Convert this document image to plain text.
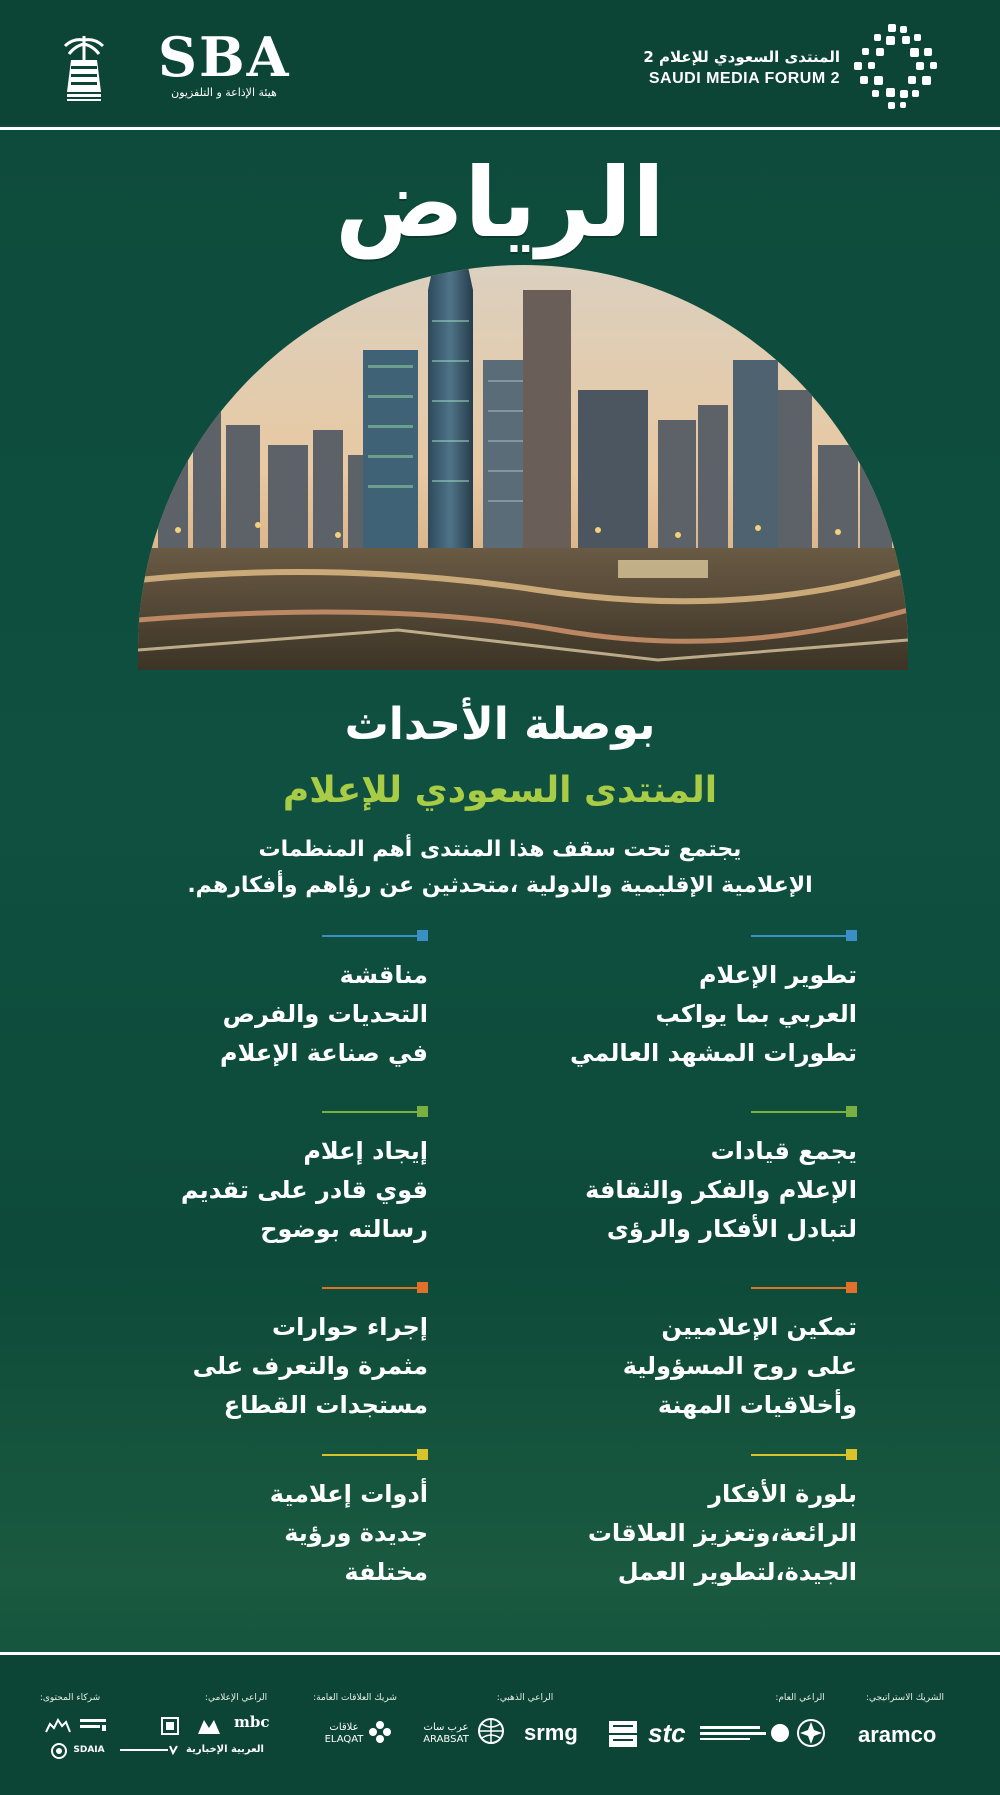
SBA
هيئة الإذاعة و التلفزيون
المنتدى السعودي للإعلام 2
SAUDI MEDIA FORUM 2
الرياض
بوصلة الأحداث
المنتدى السعودي للإعلام
يجتمع تحت سقف هذا المنتدى أهم المنظمات
الإعلامية الإقليمية والدولية ،متحدثين عن رؤاهم وأفكارهم.
تطوير الإعلام
العربي بما يواكب
تطورات المشهد العالمي
مناقشة
التحديات والفرص
في صناعة الإعلام
يجمع قيادات
الإعلام والفكر والثقافة
لتبادل الأفكار والرؤى
إيجاد إعلام
قوي قادر على تقديم
رسالته بوضوح
تمكين الإعلاميين
على روح المسؤولية
وأخلاقيات المهنة
إجراء حوارات
مثمرة والتعرف على
مستجدات القطاع
بلورة الأفكار
الرائعة،وتعزيز العلاقات
الجيدة،لتطوير العمل
أدوات إعلامية
جديدة ورؤية
مختلفة
الشريك الاستراتيجي:
aramco
الراعي العام:
stc
srmg
الراعي الذهبي:
عرب سات ARABSAT
شريك العلاقات العامة:
علاقات ELAQAT
الراعي الإعلامي:
mbc
العربية الإخبارية
شركاء المحتوى:
SDAIA
